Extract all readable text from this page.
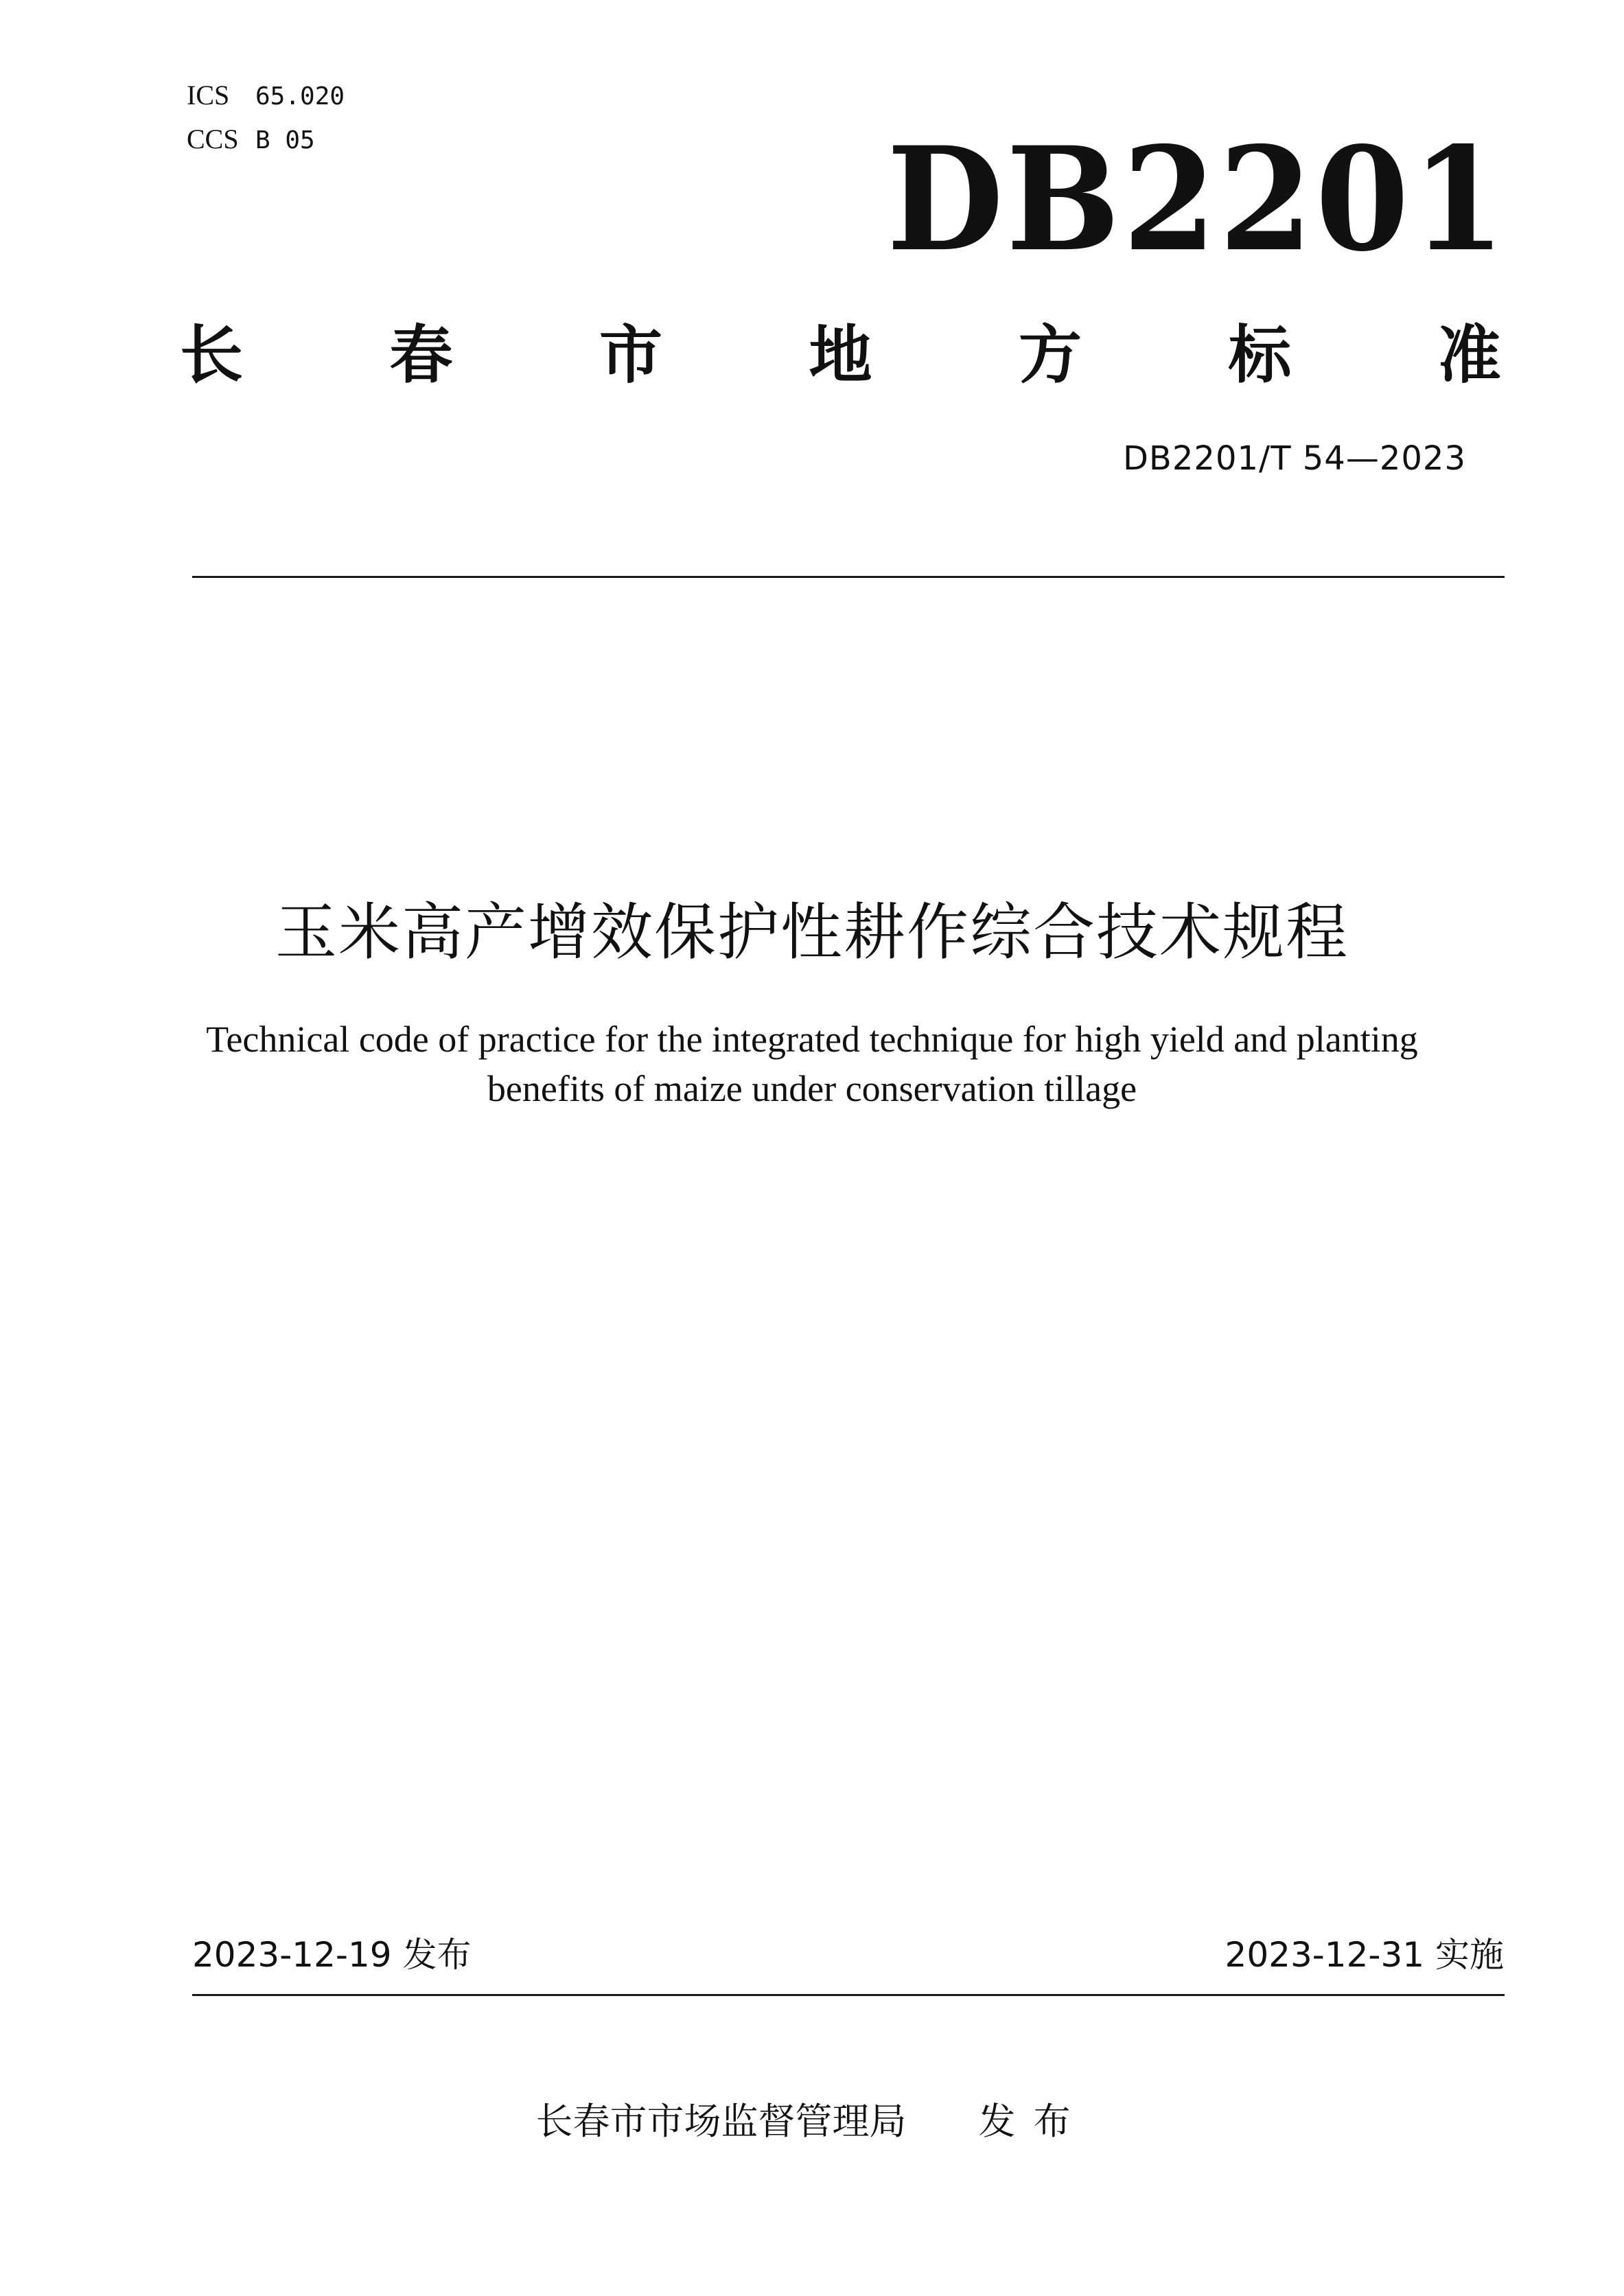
ICS	65.020
CCS B 05	DB2201
长 春 市 地 方 标 准
DB2201/T 54—2023
玉米高产增效保护性耕作综合技术规程
Technical code of practice for the integrated technique for high yield and planting
benefits of maize under conservation tillage
2023-12-19 发布	2023-12-31 实施
长春市市场监督管理局 发布
